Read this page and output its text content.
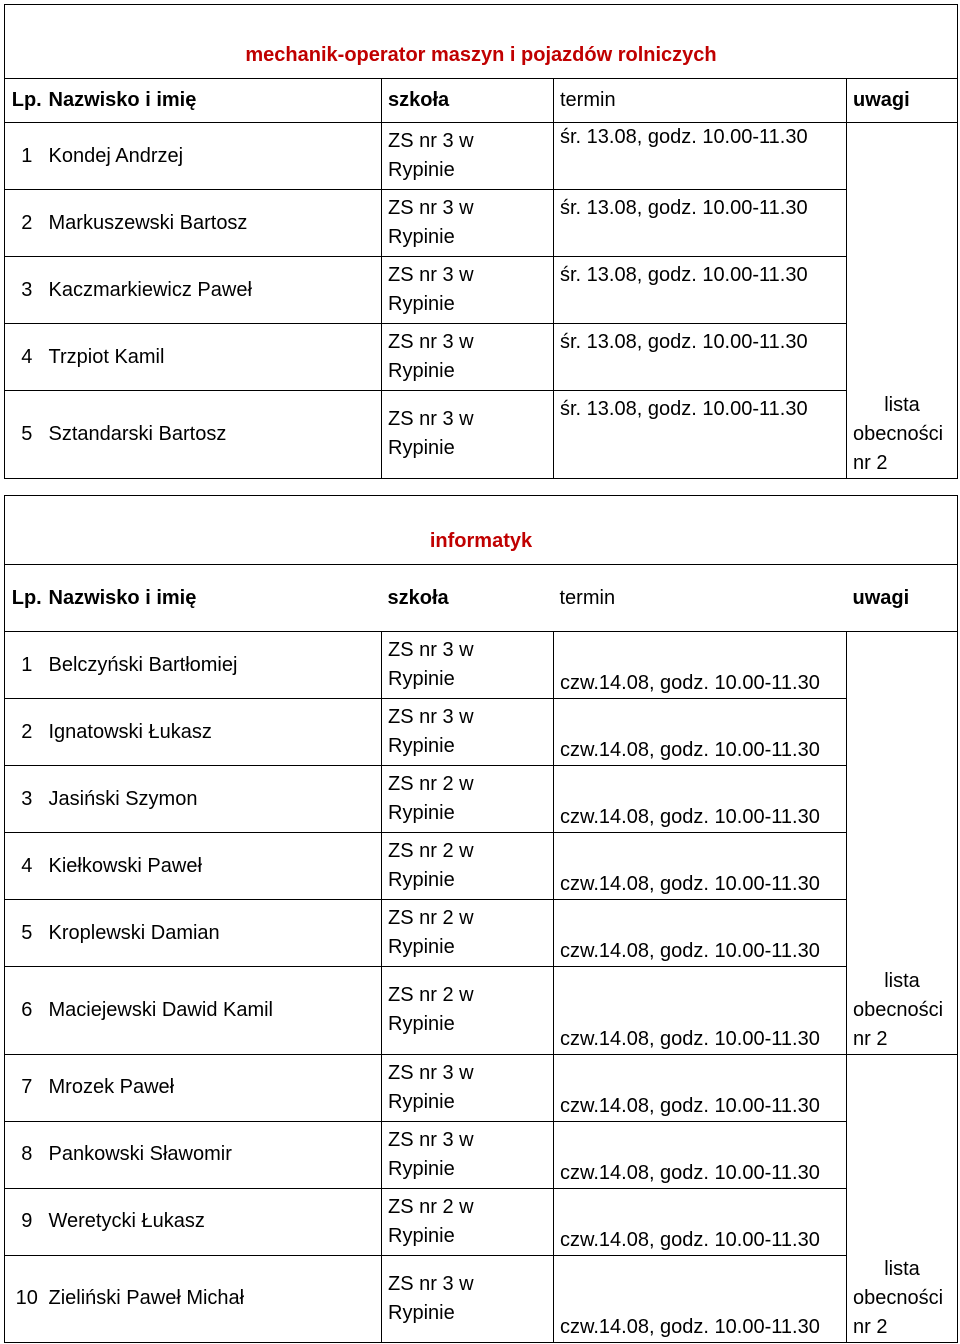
mechanik-operator maszyn i pojazdów rolniczych				
Lp.	Nazwisko i imię	szkoła	termin	uwagi
1	Kondej Andrzej	ZS nr 3 w
Rypinie	śr. 13.08, godz. 10.00-11.30	
2	Markuszewski Bartosz	ZS nr 3 w
Rypinie	śr. 13.08, godz. 10.00-11.30	
3	Kaczmarkiewicz Paweł	ZS nr 3 w
Rypinie	śr. 13.08, godz. 10.00-11.30	
4	Trzpiot Kamil	ZS nr 3 w
Rypinie	śr. 13.08, godz. 10.00-11.30	
5	Sztandarski Bartosz	ZS nr 3 w
Rypinie	śr. 13.08, godz. 10.00-11.30	lista
obecności
nr 2
informatyk				
Lp.	Nazwisko i imię	szkoła	termin	uwagi
1	Belczyński Bartłomiej	ZS nr 3 w
Rypinie	czw.14.08, godz. 10.00-11.30	
2	Ignatowski Łukasz	ZS nr 3 w
Rypinie	czw.14.08, godz. 10.00-11.30	
3	Jasiński Szymon	ZS nr 2 w
Rypinie	czw.14.08, godz. 10.00-11.30	
4	Kiełkowski Paweł	ZS nr 2 w
Rypinie	czw.14.08, godz. 10.00-11.30	
5	Kroplewski Damian	ZS nr 2 w
Rypinie	czw.14.08, godz. 10.00-11.30	
6	Maciejewski Dawid Kamil	ZS nr 2 w
Rypinie	czw.14.08, godz. 10.00-11.30	lista
obecności
nr 2

7	Mrozek Paweł	ZS nr 3 w
Rypinie	czw.14.08, godz. 10.00-11.30	
8	Pankowski Sławomir	ZS nr 3 w
Rypinie	czw.14.08, godz. 10.00-11.30	
9	Weretycki Łukasz	ZS nr 2 w
Rypinie	czw.14.08, godz. 10.00-11.30	
10	Zieliński Paweł Michał	ZS nr 3 w
Rypinie	czw.14.08, godz. 10.00-11.30	lista
obecności
nr 2
